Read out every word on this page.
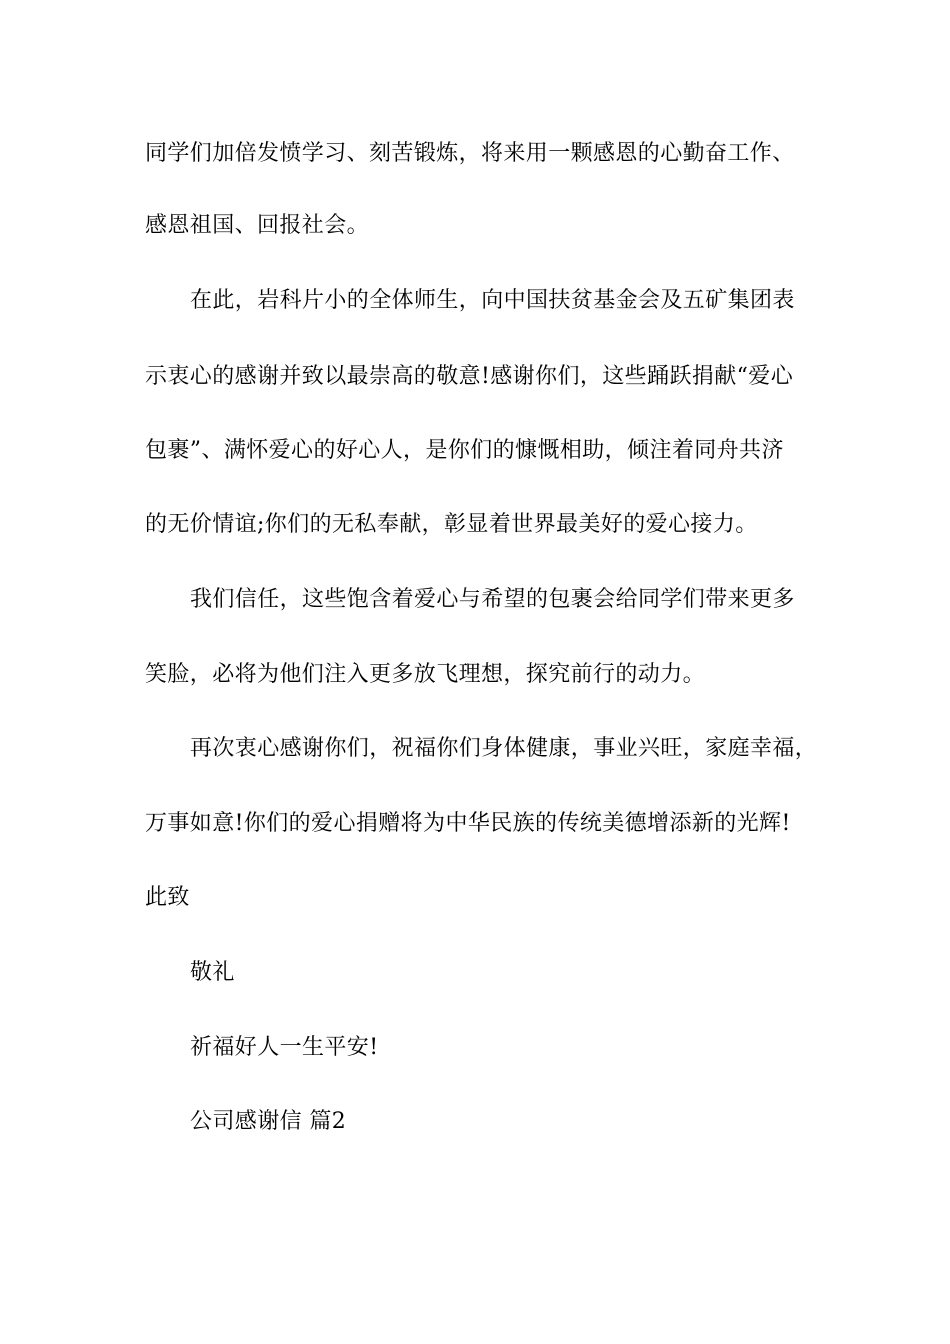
同学们加倍发愤学习、刻苦锻炼，将来用一颗感恩的心勤奋工作、
感恩祖国、回报社会。
在此，岩科片小的全体师生，向中国扶贫基金会及五矿集团表
示衷心的感谢并致以最崇高的敬意!感谢你们，这些踊跃捐献“爱心
包裹”、满怀爱心的好心人，是你们的慷慨相助，倾注着同舟共济
的无价情谊;你们的无私奉献，彰显着世界最美好的爱心接力。
我们信任，这些饱含着爱心与希望的包裹会给同学们带来更多
笑脸，必将为他们注入更多放飞理想，探究前行的动力。
再次衷心感谢你们，祝福你们身体健康，事业兴旺，家庭幸福，
万事如意!你们的爱心捐赠将为中华民族的传统美德增添新的光辉!
此致
敬礼
祈福好人一生平安!
公司感谢信 篇2
